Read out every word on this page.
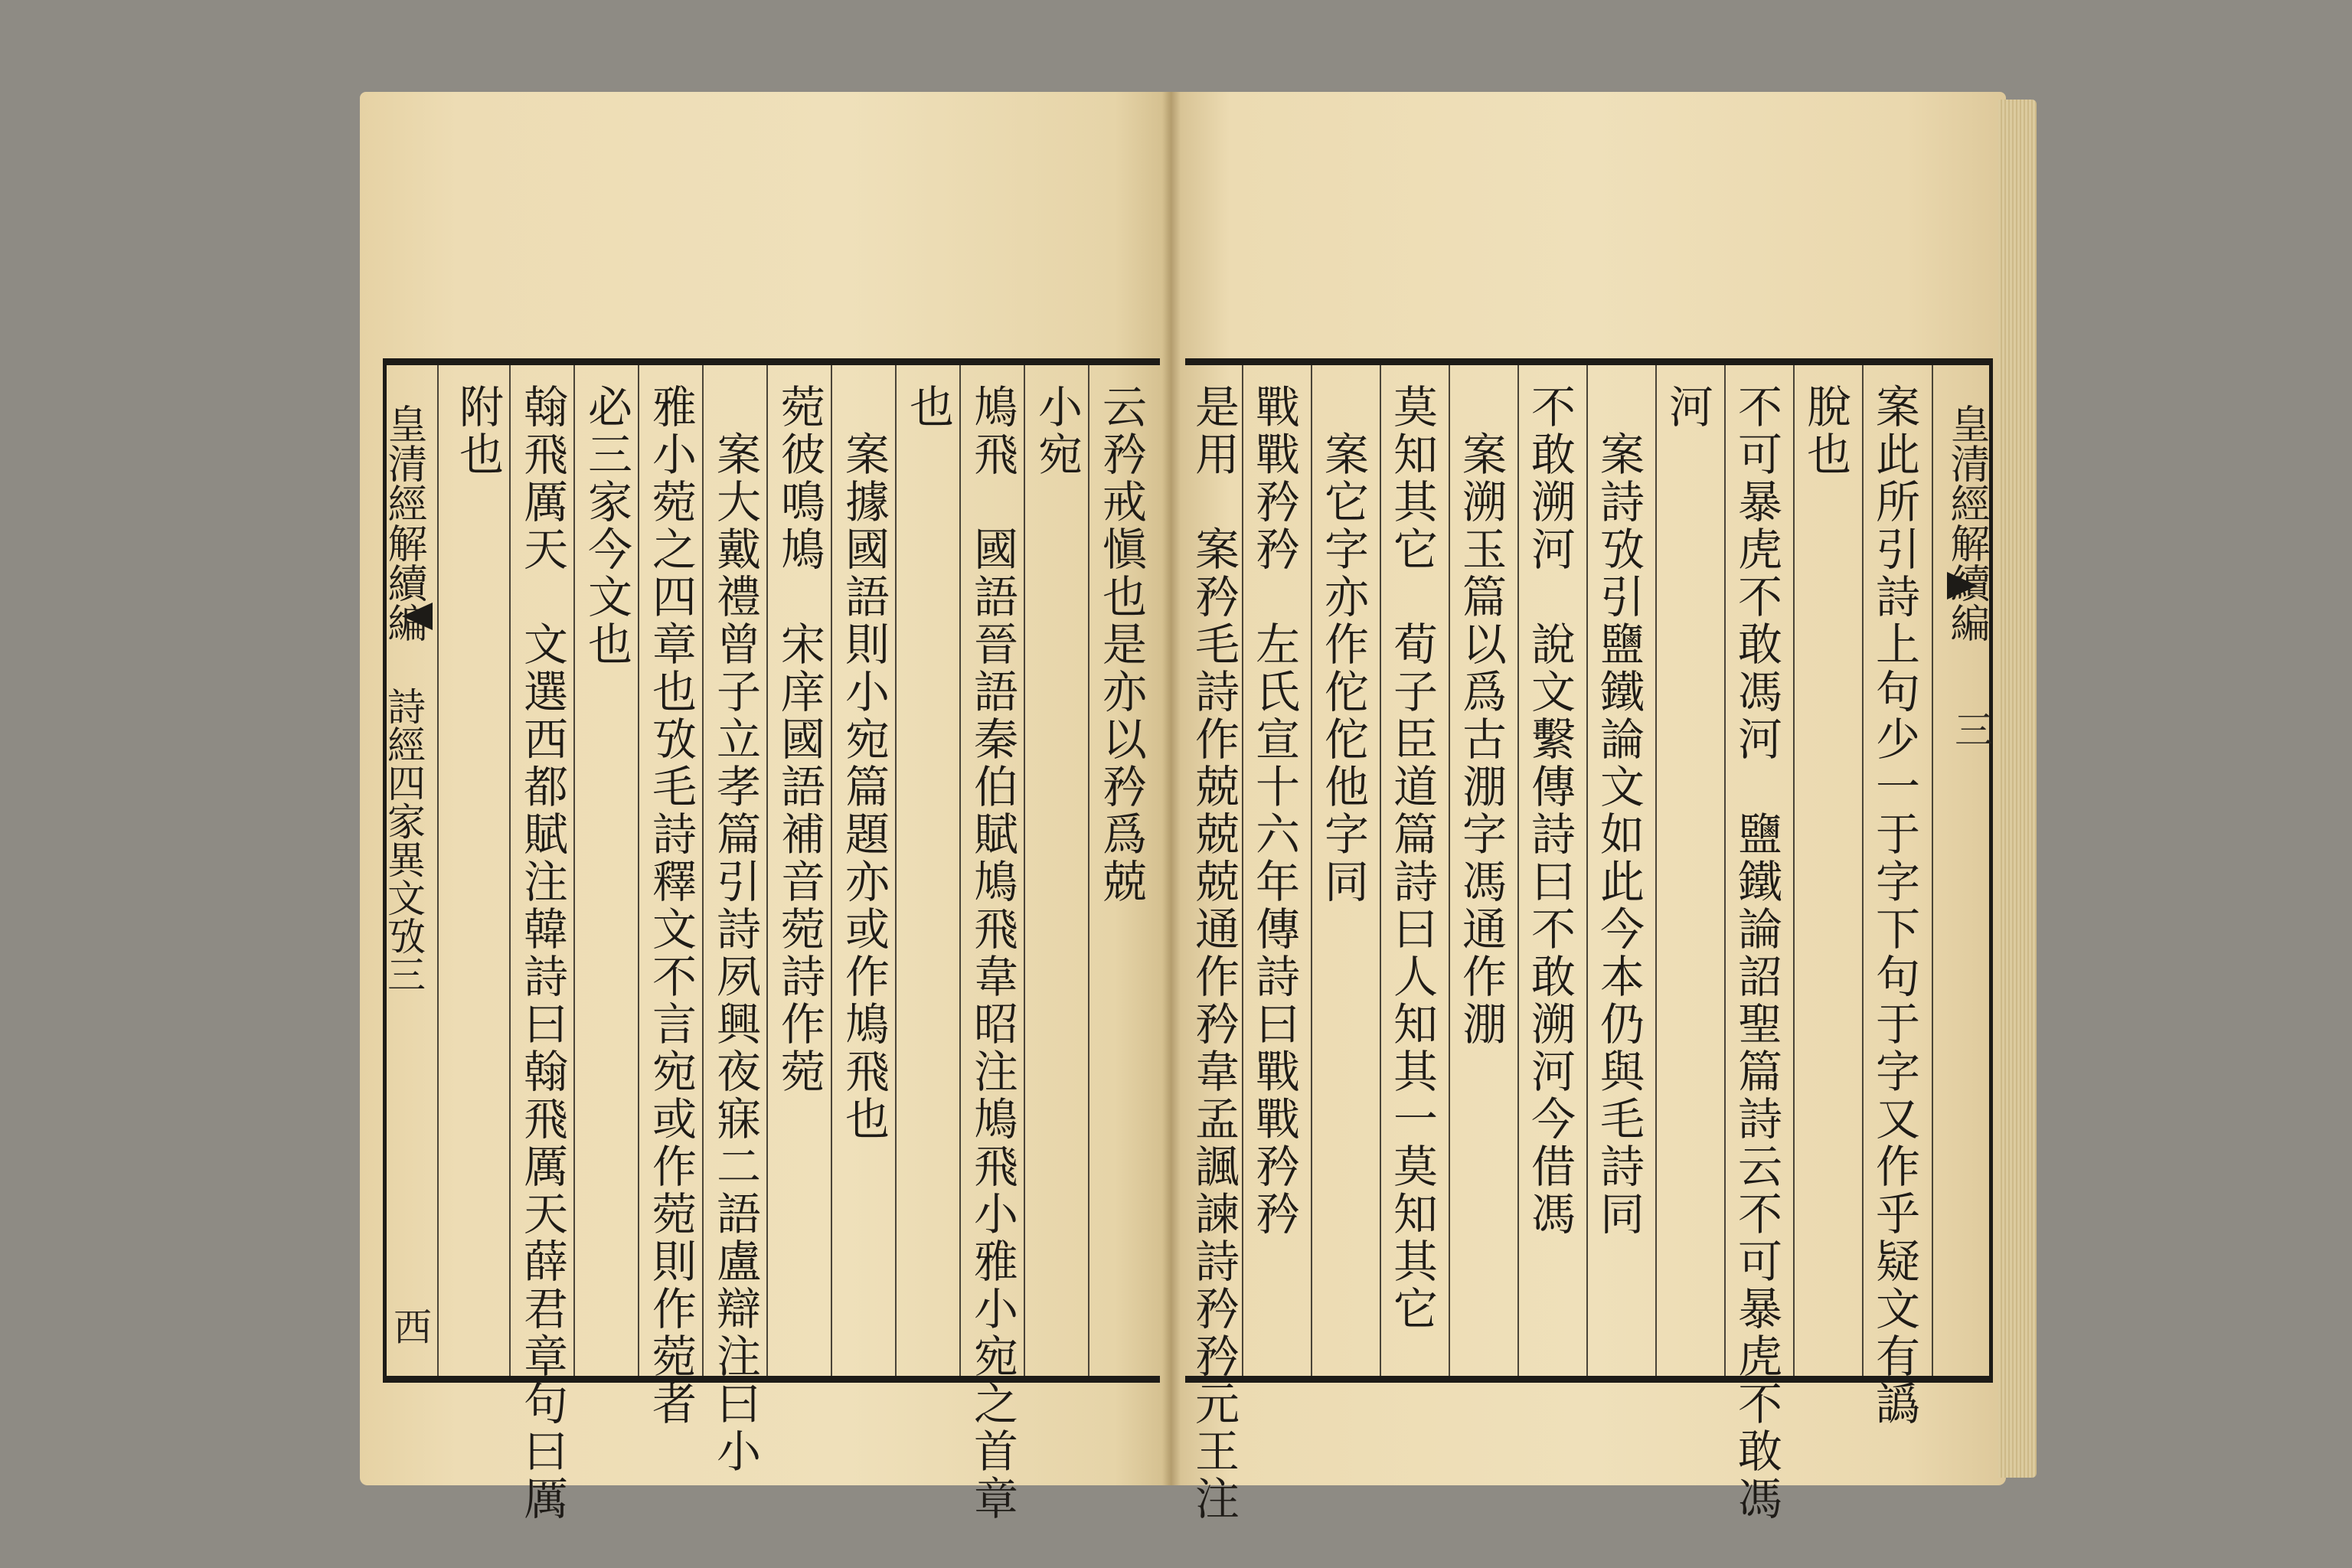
皇清經解續編
三
案此所引詩上句少一于字下句于字又作乎疑文有譌
脫也
不可暴虎不敢馮河　鹽鐵論詔聖篇詩云不可暴虎不敢馮
河
　案詩攷引鹽鐵論文如此今本仍與毛詩同
不敢溯河　說文繫傳詩曰不敢溯河今借馮
　案溯玉篇以爲古淜字馮通作淜
莫知其它　荀子臣道篇詩曰人知其一莫知其它
　案它字亦作佗佗他字同
戰戰矜矜　左氏宣十六年傳詩曰戰戰矜矜
是用　案矜毛詩作兢兢兢通作矜韋孟諷諫詩矜矜元王注
皇清經解續編
詩經四家異文攷三
西
云矜戒愼也是亦以矜爲兢
小宛
鳩飛　國語晉語秦伯賦鳩飛韋昭注鳩飛小雅小宛之首章
也
　案據國語則小宛篇題亦或作鳩飛也
菀彼鳴鳩　宋庠國語補音菀詩作菀
　案大戴禮曾子立孝篇引詩夙興夜寐二語盧辯注曰小
雅小菀之四章也攷毛詩釋文不言宛或作菀則作菀者
必三家今文也
翰飛厲天　文選西都賦注韓詩曰翰飛厲天薛君章句曰厲
附也
